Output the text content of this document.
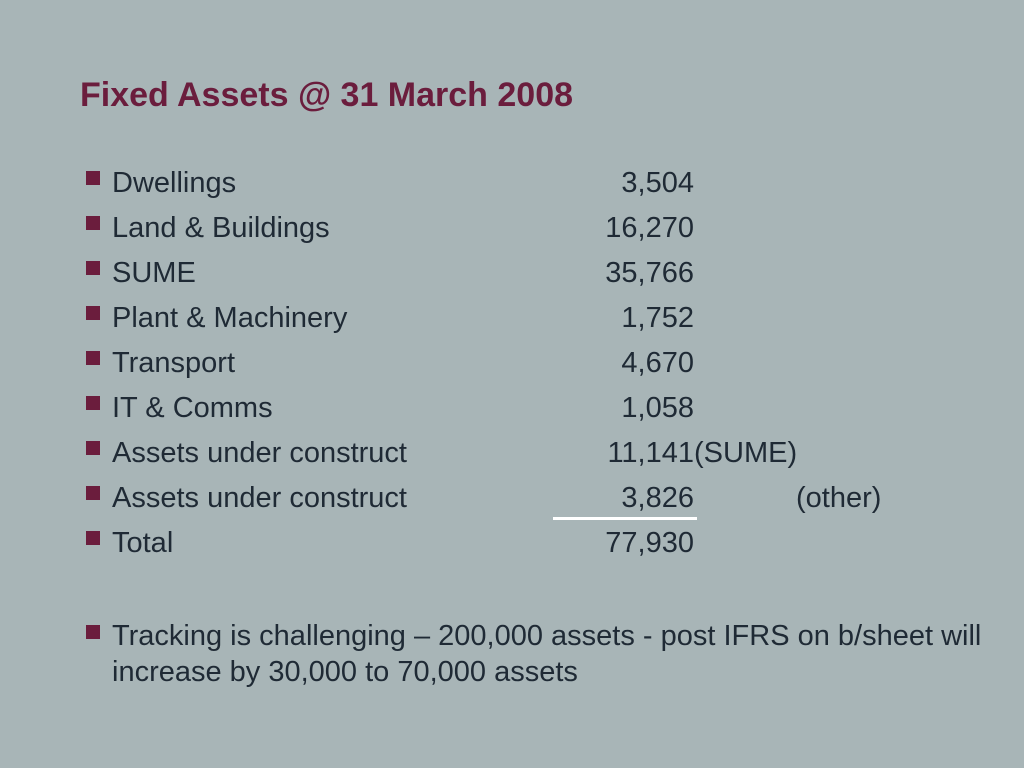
Fixed Assets @ 31 March 2008
Dwellings	3,504
Land & Buildings	16,270
SUME	35,766
Plant & Machinery	1,752
Transport	4,670
IT & Comms	1,058
Assets under construct	11,141 (SUME)
Assets under construct	3,826	(other)
Total	77,930
Tracking is challenging – 200,000 assets - post IFRS on b/sheet will increase by 30,000 to 70,000 assets
